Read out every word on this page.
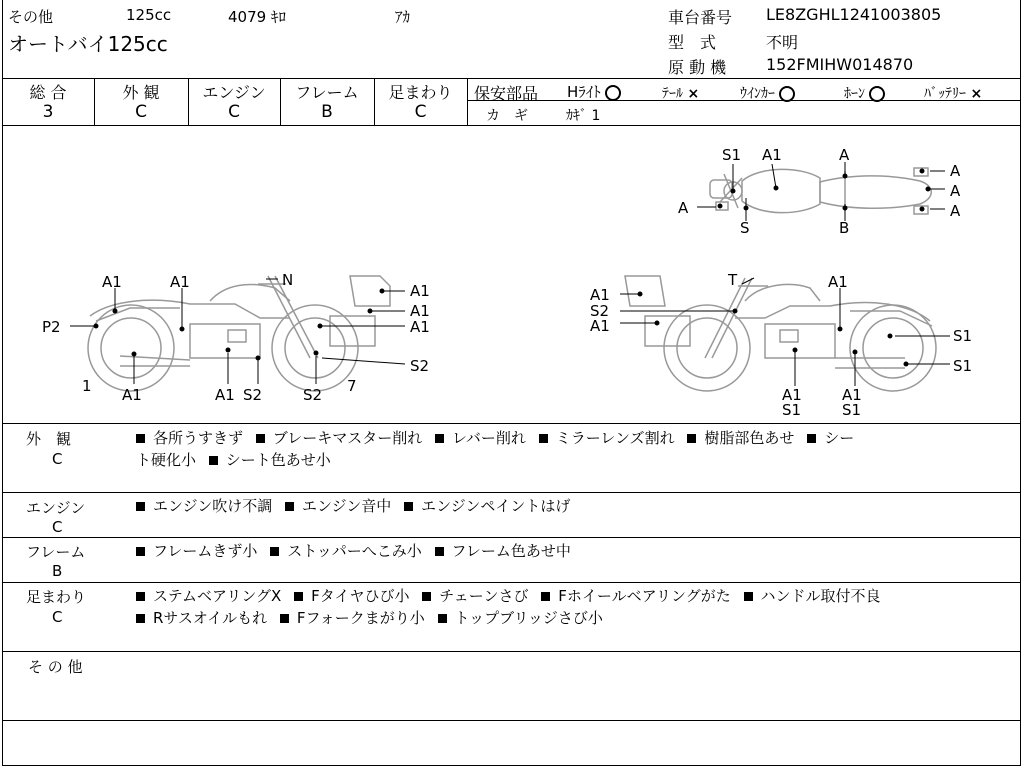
その他	125cc	4079 ｷﾛ	ｱｶ
オートバイ125cc
車台番号 LE8ZGHL1241003805
型　式	不明
原 動 機 152FMIHW014870
総 合
3
外 観
C
エンジン
C
フレーム
B
足まわり
C
保安部品 Hﾗｲﾄ	ﾃｰﾙ ×	ｳｲﾝｶｰ	ﾎｰﾝ	ﾊﾞｯﾃﾘｰ ×
カ　ギ	ｶｷﾞ 1
S1 A1	A
A
A
A
A
S	B
A1	A1	N
A1
A1
A1
P2
A1	A1 S2	S2
1	7
S2
T	A1
A1
S2
A1
S1
S1
A1	A1
S1	S1
外　観
C
各所うすきず ブレーキマスター削れ レバー削れ ミラーレンズ割れ 樹脂部色あせ シー
ト硬化小 シート色あせ小
エンジン
C
エンジン吹け不調 エンジン音中 エンジンペイントはげ
フレーム
B
フレームきず小 ストッパーへこみ小 フレーム色あせ中
足まわり
C
ステムベアリングX Fタイヤひび小 チェーンさび Fホイールベアリングがた ハンドル取付不良
Rサスオイルもれ Fフォークまがり小 トップブリッジさび小
そ の 他
